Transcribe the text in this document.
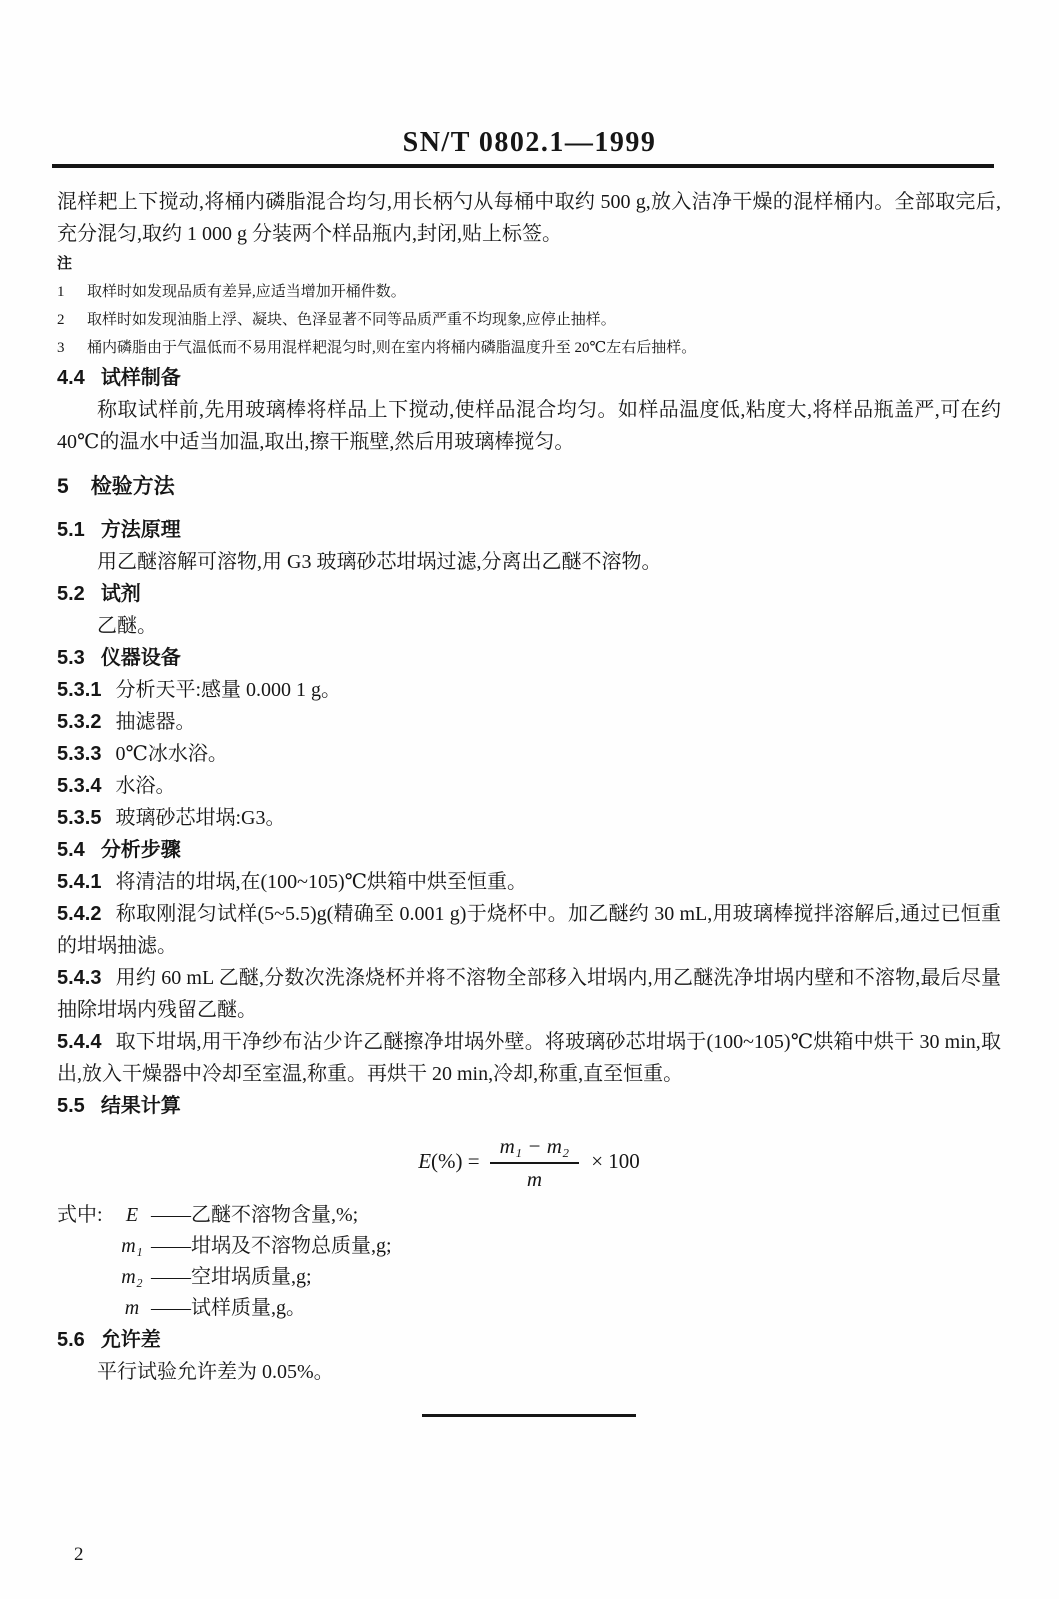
SN/T 0802.1—1999

混样耙上下搅动,将桶内磷脂混合均匀,用长柄勺从每桶中取约 500 g,放入洁净干燥的混样桶内。全部取完后,充分混匀,取约 1 000 g 分装两个样品瓶内,封闭,贴上标签。

注
1 取样时如发现品质有差异,应适当增加开桶件数。
2 取样时如发现油脂上浮、凝块、色泽显著不同等品质严重不均现象,应停止抽样。
3 桶内磷脂由于气温低而不易用混样耙混匀时,则在室内将桶内磷脂温度升至 20℃左右后抽样。
4.4 试样制备

称取试样前,先用玻璃棒将样品上下搅动,使样品混合均匀。如样品温度低,粘度大,将样品瓶盖严,可在约 40℃的温水中适当加温,取出,擦干瓶壁,然后用玻璃棒搅匀。

5 检验方法
5.1 方法原理

用乙醚溶解可溶物,用 G3 玻璃砂芯坩埚过滤,分离出乙醚不溶物。

5.2 试剂

乙醚。

5.3 仪器设备

5.3.1 分析天平:感量 0.000 1 g。

5.3.2 抽滤器。

5.3.3 0℃冰水浴。

5.3.4 水浴。

5.3.5 玻璃砂芯坩埚:G3。

5.4 分析步骤

5.4.1 将清洁的坩埚,在(100~105)℃烘箱中烘至恒重。

5.4.2 称取刚混匀试样(5~5.5)g(精确至 0.001 g)于烧杯中。加乙醚约 30 mL,用玻璃棒搅拌溶解后,通过已恒重的坩埚抽滤。

5.4.3 用约 60 mL 乙醚,分数次洗涤烧杯并将不溶物全部移入坩埚内,用乙醚洗净坩埚内壁和不溶物,最后尽量抽除坩埚内残留乙醚。

5.4.4 取下坩埚,用干净纱布沾少许乙醚擦净坩埚外壁。将玻璃砂芯坩埚于(100~105)℃烘箱中烘干 30 min,取出,放入干燥器中冷却至室温,称重。再烘干 20 min,冷却,称重,直至恒重。

5.5 结果计算
$E(\%) = \frac{\text{m₁ − m₂}}{m} \times 100$
式中: E ——乙醚不溶物含量,%;
m₁ ——坩埚及不溶物总质量,g;
m₂ ——空坩埚质量,g;
m ——试样质量,g。
5.6 允许差

平行试验允许差为 0.05%。

2
